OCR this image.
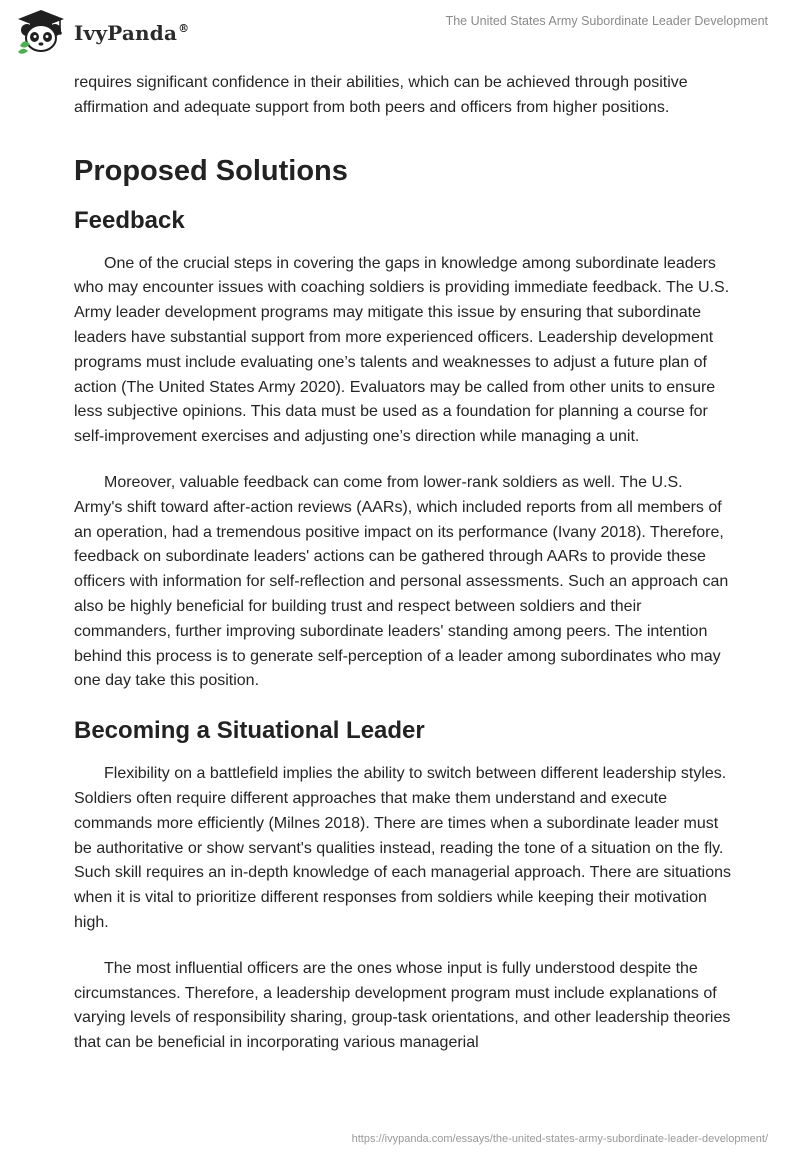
IvyPanda®
The United States Army Subordinate Leader Development

requires significant confidence in their abilities, which can be achieved through positive affirmation and adequate support from both peers and officers from higher positions.

Proposed Solutions
Feedback

One of the crucial steps in covering the gaps in knowledge among subordinate leaders who may encounter issues with coaching soldiers is providing immediate feedback. The U.S. Army leader development programs may mitigate this issue by ensuring that subordinate leaders have substantial support from more experienced officers. Leadership development programs must include evaluating one’s talents and weaknesses to adjust a future plan of action (The United States Army 2020). Evaluators may be called from other units to ensure less subjective opinions. This data must be used as a foundation for planning a course for self-improvement exercises and adjusting one’s direction while managing a unit.

Moreover, valuable feedback can come from lower-rank soldiers as well. The U.S. Army's shift toward after-action reviews (AARs), which included reports from all members of an operation, had a tremendous positive impact on its performance (Ivany 2018). Therefore, feedback on subordinate leaders' actions can be gathered through AARs to provide these officers with information for self-reflection and personal assessments. Such an approach can also be highly beneficial for building trust and respect between soldiers and their commanders, further improving subordinate leaders' standing among peers. The intention behind this process is to generate self-perception of a leader among subordinates who may one day take this position.

Becoming a Situational Leader

Flexibility on a battlefield implies the ability to switch between different leadership styles. Soldiers often require different approaches that make them understand and execute commands more efficiently (Milnes 2018). There are times when a subordinate leader must be authoritative or show servant's qualities instead, reading the tone of a situation on the fly. Such skill requires an in-depth knowledge of each managerial approach. There are situations when it is vital to prioritize different responses from soldiers while keeping their motivation high.

The most influential officers are the ones whose input is fully understood despite the circumstances. Therefore, a leadership development program must include explanations of varying levels of responsibility sharing, group-task orientations, and other leadership theories that can be beneficial in incorporating various managerial

https://ivypanda.com/essays/the-united-states-army-subordinate-leader-development/
